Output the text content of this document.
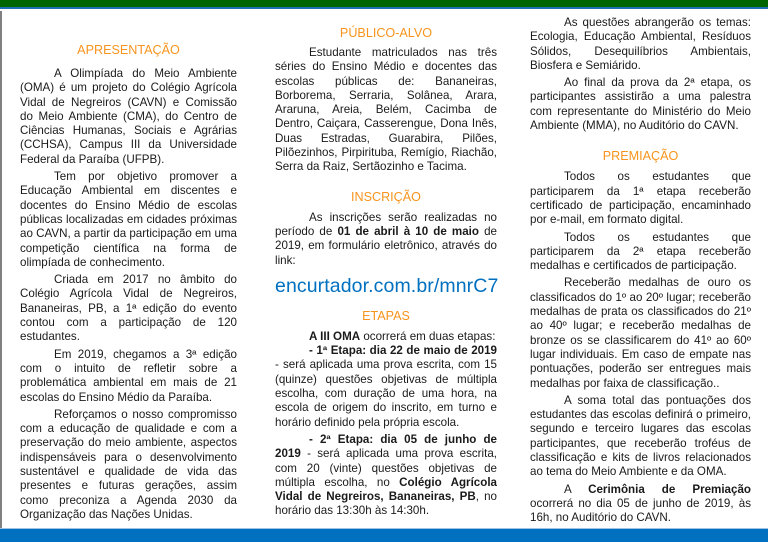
APRESENTAÇÃO

A Olimpíada do Meio Ambiente (OMA) é um projeto do Colégio Agrícola Vidal de Negreiros (CAVN) e Comissão do Meio Ambiente (CMA), do Centro de Ciências Humanas, Sociais e Agrárias (CCHSA), Campus III da Universidade Federal da Paraíba (UFPB).

Tem por objetivo promover a Educação Ambiental em discentes e docentes do Ensino Médio de escolas públicas localizadas em cidades próximas ao CAVN, a partir da participação em uma competição científica na forma de olimpíada de conhecimento.

Criada em 2017 no âmbito do Colégio Agrícola Vidal de Negreiros, Bananeiras, PB, a 1ª edição do evento contou com a participação de 120 estudantes.

Em 2019, chegamos a 3ª edição com o intuito de refletir sobre a problemática ambiental em mais de 21 escolas do Ensino Médio da Paraíba.

Reforçamos o nosso compromisso com a educação de qualidade e com a preservação do meio ambiente, aspectos indispensáveis para o desenvolvimento sustentável e qualidade de vida das presentes e futuras gerações, assim como preconiza a Agenda 2030 da Organização das Nações Unidas.

PÚBLICO-ALVO

Estudante matriculados nas três séries do Ensino Médio e docentes das escolas públicas de: Bananeiras, Borborema, Serraria, Solânea, Arara, Araruna, Areia, Belém, Cacimba de Dentro, Caiçara, Casserengue, Dona Inês, Duas Estradas, Guarabira, Pilões, Pilõezinhos, Pirpirituba, Remígio, Riachão, Serra da Raiz, Sertãozinho e Tacima.

INSCRIÇÃO

As inscrições serão realizadas no período de 01 de abril à 10 de maio de 2019, em formulário eletrônico, através do link:

encurtador.com.br/mnrC7
ETAPAS

A III OMA ocorrerá em duas etapas:

- 1ª Etapa: dia 22 de maio de 2019 - será aplicada uma prova escrita, com 15 (quinze) questões objetivas de múltipla escolha, com duração de uma hora, na escola de origem do inscrito, em turno e horário definido pela própria escola.

- 2ª Etapa: dia 05 de junho de 2019 - será aplicada uma prova escrita, com 20 (vinte) questões objetivas de múltipla escolha, no Colégio Agrícola Vidal de Negreiros, Bananeiras, PB, no horário das 13:30h às 14:30h.

As questões abrangerão os temas: Ecologia, Educação Ambiental, Resíduos Sólidos, Desequilíbrios Ambientais, Biosfera e Semiárido.

Ao final da prova da 2ª etapa, os participantes assistirão a uma palestra com representante do Ministério do Meio Ambiente (MMA), no Auditório do CAVN.

PREMIAÇÃO

Todos os estudantes que participarem da 1ª etapa receberão certificado de participação, encaminhado por e-mail, em formato digital.

Todos os estudantes que participarem da 2ª etapa receberão medalhas e certificados de participação.

Receberão medalhas de ouro os classificados do 1º ao 20º lugar; receberão medalhas de prata os classificados do 21º ao 40º lugar; e receberão medalhas de bronze os se classificarem do 41º ao 60º lugar individuais. Em caso de empate nas pontuações, poderão ser entregues mais medalhas por faixa de classificação..

A soma total das pontuações dos estudantes das escolas definirá o primeiro, segundo e terceiro lugares das escolas participantes, que receberão troféus de classificação e kits de livros relacionados ao tema do Meio Ambiente e da OMA.

A Cerimônia de Premiação ocorrerá no dia 05 de junho de 2019, às 16h, no Auditório do CAVN.
